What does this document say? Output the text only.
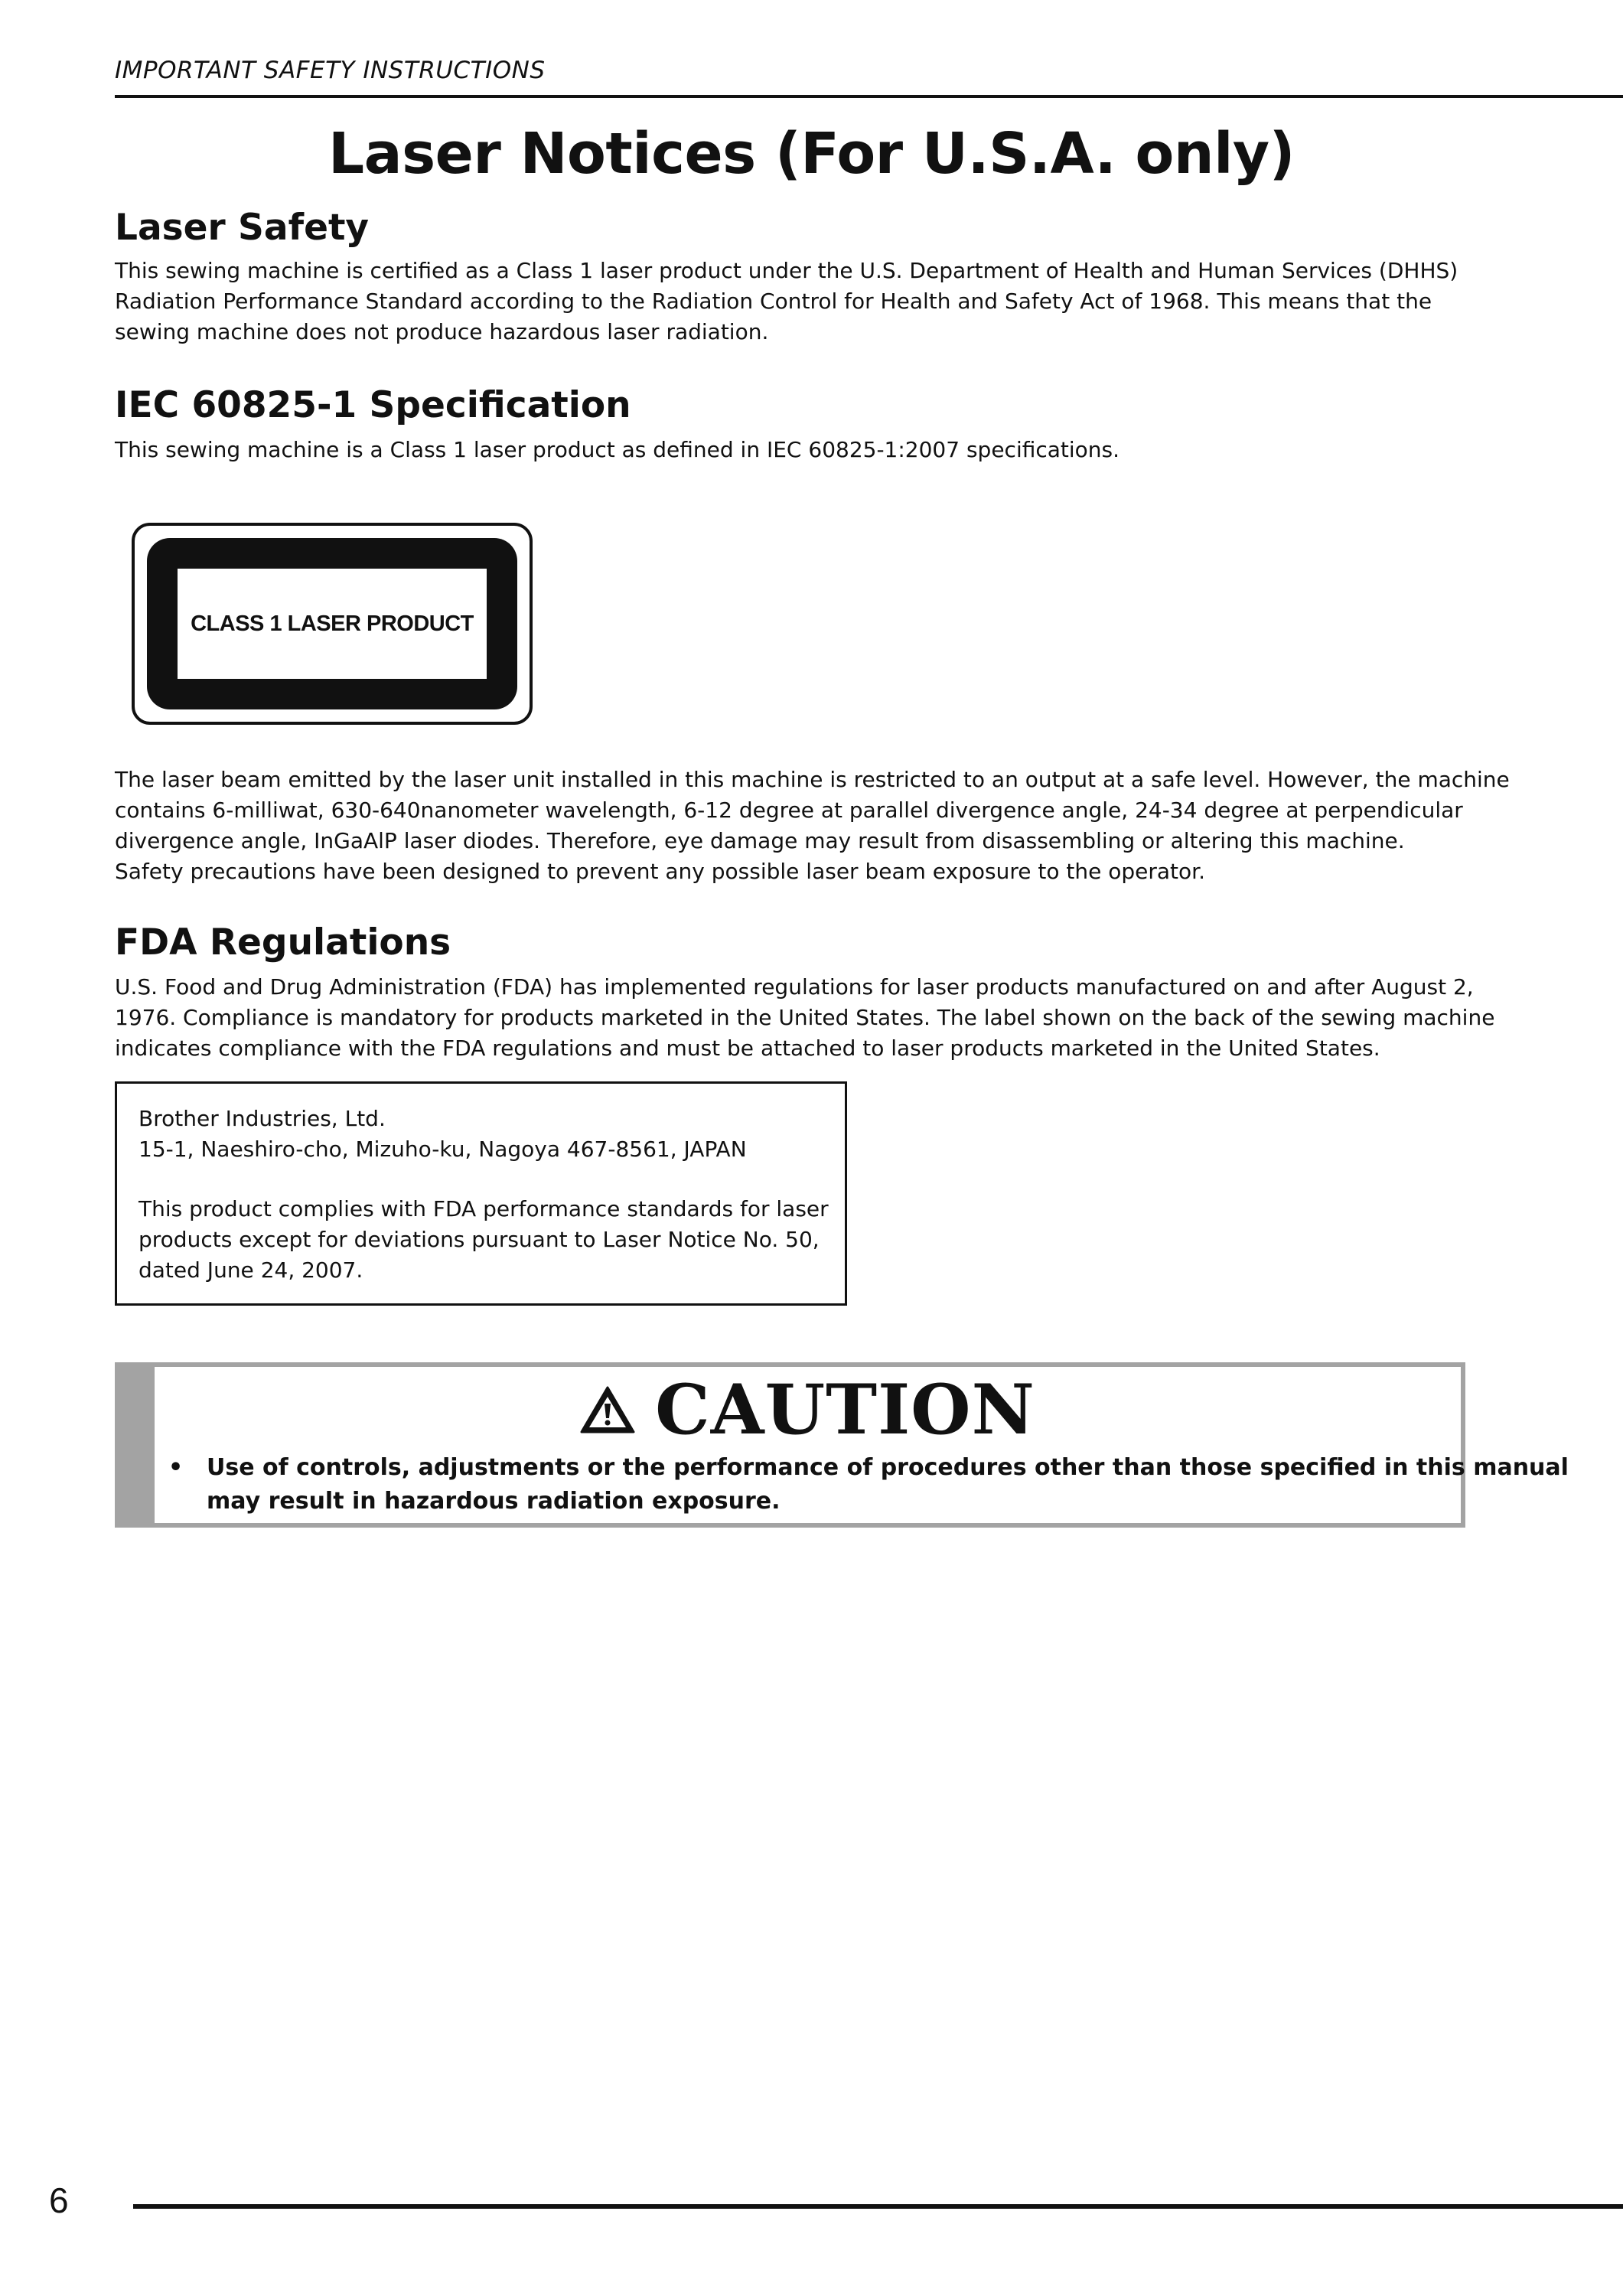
IMPORTANT SAFETY INSTRUCTIONS
Laser Notices (For U.S.A. only)
Laser Safety

This sewing machine is certified as a Class 1 laser product under the U.S. Department of Health and Human Services (DHHS)
Radiation Performance Standard according to the Radiation Control for Health and Safety Act of 1968. This means that the
sewing machine does not produce hazardous laser radiation.

IEC 60825-1 Specification

This sewing machine is a Class 1 laser product as defined in IEC 60825-1:2007 specifications.

CLASS 1 LASER PRODUCT

The laser beam emitted by the laser unit installed in this machine is restricted to an output at a safe level. However, the machine
contains 6-milliwat, 630-640nanometer wavelength, 6-12 degree at parallel divergence angle, 24-34 degree at perpendicular
divergence angle, InGaAlP laser diodes. Therefore, eye damage may result from disassembling or altering this machine.
Safety precautions have been designed to prevent any possible laser beam exposure to the operator.

FDA Regulations

U.S. Food and Drug Administration (FDA) has implemented regulations for laser products manufactured on and after August 2,
1976. Compliance is mandatory for products marketed in the United States. The label shown on the back of the sewing machine
indicates compliance with the FDA regulations and must be attached to laser products marketed in the United States.

Brother Industries, Ltd.
15-1, Naeshiro-cho, Mizuho-ku, Nagoya 467-8561, JAPAN
This product complies with FDA performance standards for laser
products except for deviations pursuant to Laser Notice No. 50,
dated June 24, 2007.
CAUTION
• Use of controls, adjustments or the performance of procedures other than those specified in this manual
may result in hazardous radiation exposure.
6
